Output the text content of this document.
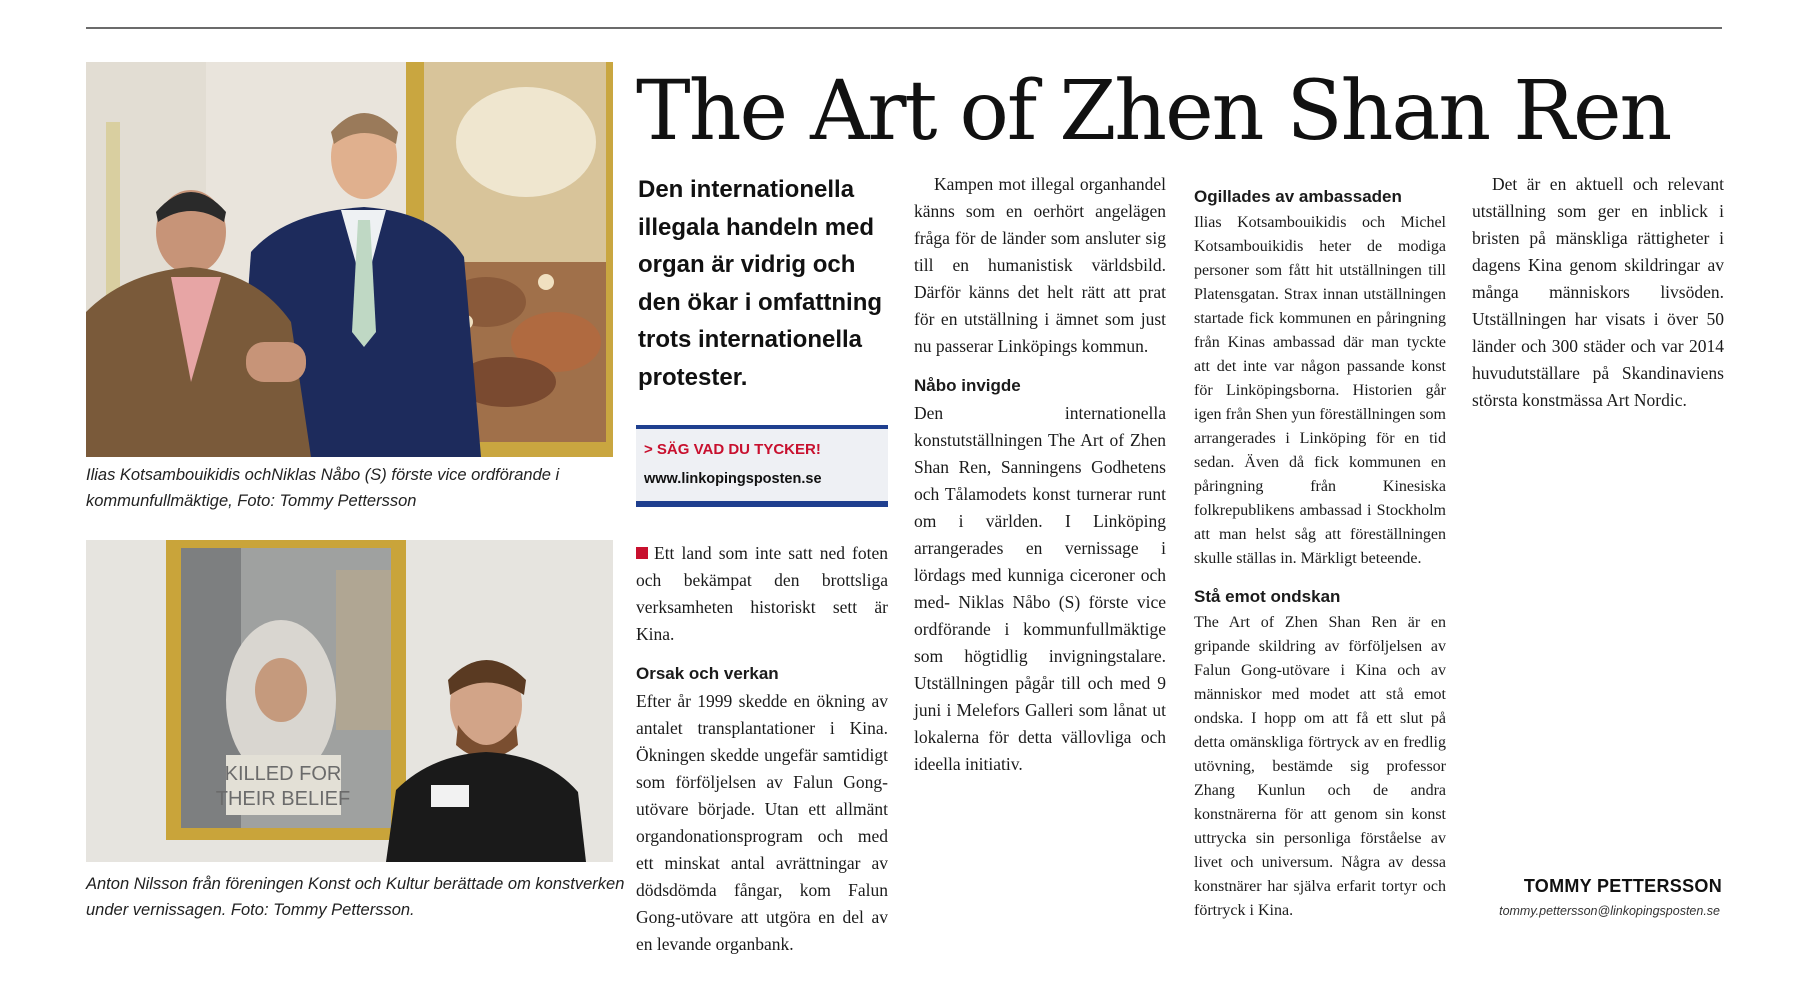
Ilias Kotsambouikidis ochNiklas Nåbo (S) förste vice ordförande i kommunfullmäktige, Foto: Tommy Pettersson
KILLED FOR
THEIR BELIEF
Anton Nilsson från föreningen Konst och Kultur berättade om konstverken under vernissagen. Foto: Tommy Pettersson.
The Art of Zhen Shan Ren

Den internationella illegala handeln med organ är vidrig och den ökar i omfattning trots internationella protester.

> SÄG VAD DU TYCKER!
www.linkopingsposten.se

Ett land som inte satt ned foten och bekämpat den brottsliga verksamheten historiskt sett är Kina.

Orsak och verkan

Efter år 1999 skedde en ökning av antalet transplantationer i Kina. Ökningen skedde ungefär samtidigt som förföljelsen av Falun Gong-utövare började. Utan ett allmänt organdonationsprogram och med ett minskat antal avrättningar av dödsdömda fångar, kom Falun Gong-utövare att utgöra en del av en levande organbank.

Kampen mot illegal organhandel känns som en oerhört angelägen fråga för de länder som ansluter sig till en humanistisk världsbild. Därför känns det helt rätt att prat för en utställning i ämnet som just nu passerar Linköpings kommun.

Nåbo invigde

Den internationella konstutställningen The Art of Zhen Shan Ren, Sanningens Godhetens och Tålamodets konst turnerar runt om i världen. I Linköping arrangerades en vernissage i lördags med kunniga ciceroner och med- Niklas Nåbo (S) förste vice ordförande i kommunfullmäktige som högtidlig invigningstalare. Utställningen pågår till och med 9 juni i Melefors Galleri som lånat ut lokalerna för detta vällovliga och ideella initiativ.

Ogillades av ambassaden

Ilias Kotsambouikidis och Michel Kotsambouikidis heter de modiga personer som fått hit utställningen till Platensgatan. Strax innan utställningen startade fick kommunen en påringning från Kinas ambassad där man tyckte att det inte var någon passande konst för Linköpingsborna. Historien går igen från Shen yun föreställningen som arrangerades i Linköping för en tid sedan. Även då fick kommunen en påringning från Kinesiska folkrepublikens ambassad i Stockholm att man helst såg att föreställningen skulle ställas in. Märkligt beteende.

Stå emot ondskan

The Art of Zhen Shan Ren är en gripande skildring av förföljelsen av Falun Gong-utövare i Kina och av människor med modet att stå emot ondska. I hopp om att få ett slut på detta omänskliga förtryck av en fredlig utövning, bestämde sig professor Zhang Kunlun och de andra konstnärerna för att genom sin konst uttrycka sin personliga förståelse av livet och universum. Några av dessa konstnärer har själva erfarit tortyr och förtryck i Kina.

Det är en aktuell och relevant utställning som ger en inblick i bristen på mänskliga rättigheter i dagens Kina genom skildringar av många människors livsöden. Utställningen har visats i över 50 länder och 300 städer och var 2014 huvudutställare på Skandinaviens största konstmässa Art Nordic.

TOMMY PETTERSSON
tommy.pettersson@linkopingsposten.se
